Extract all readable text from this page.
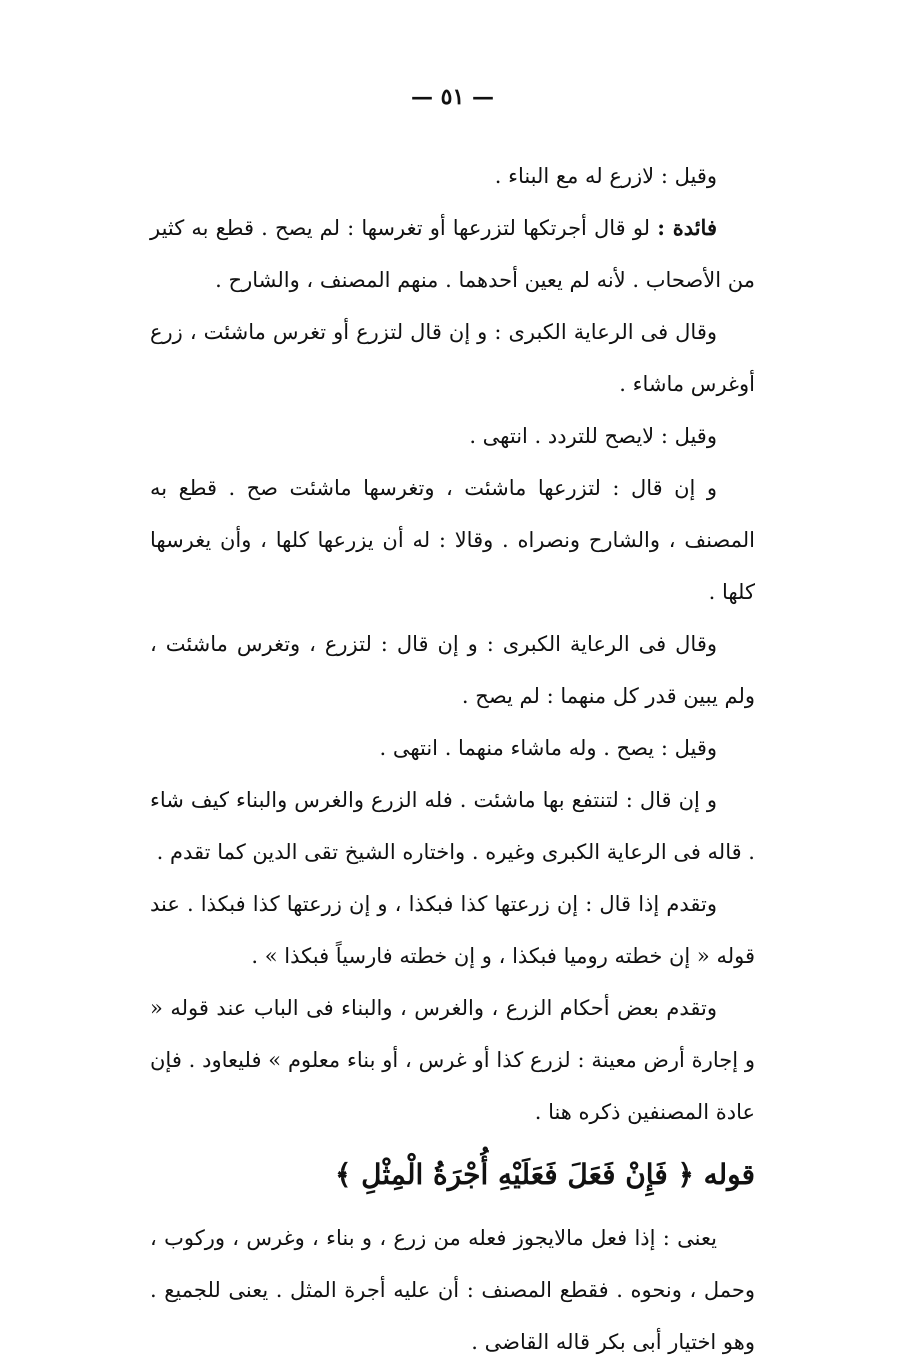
— ٥١ —

وقيل : لازرع له مع البناء .

فائدة : لو قال أجرتكها لتزرعها أو تغرسها : لم يصح . قطع به كثير من الأصحاب . لأنه لم يعين أحدهما . منهم المصنف ، والشارح .

وقال فى الرعاية الكبرى : و إن قال لتزرع أو تغرس ماشئت ، زرع أوغرس ماشاء .

وقيل : لايصح للتردد . انتهى .

و إن قال : لتزرعها ماشئت ، وتغرسها ماشئت صح . قطع به المصنف ، والشارح ونصراه . وقالا : له أن يزرعها كلها ، وأن يغرسها كلها .

وقال فى الرعاية الكبرى : و إن قال : لتزرع ، وتغرس ماشئت ، ولم يبين قدر كل منهما : لم يصح .

وقيل : يصح . وله ماشاء منهما . انتهى .

و إن قال : لتنتفع بها ماشئت . فله الزرع والغرس والبناء كيف شاء . قاله فى الرعاية الكبرى وغيره . واختاره الشيخ تقى الدين كما تقدم .

وتقدم إذا قال : إن زرعتها كذا فبكذا ، و إن زرعتها كذا فبكذا . عند قوله « إن خطته روميا فبكذا ، و إن خطته فارسياً فبكذا » .

وتقدم بعض أحكام الزرع ، والغرس ، والبناء فى الباب عند قوله « و إجارة أرض معينة : لزرع كذا أو غرس ، أو بناء معلوم » فليعاود . فإن عادة المصنفين ذكره هنا .

قوله ﴿ فَإِنْ فَعَلَ فَعَلَيْهِ أُجْرَةُ الْمِثْلِ ﴾

يعنى : إذا فعل مالايجوز فعله من زرع ، و بناء ، وغرس ، وركوب ، وحمل ، ونحوه . فقطع المصنف : أن عليه أجرة المثل . يعنى للجميع . وهو اختيار أبى بكر قاله القاضى .
